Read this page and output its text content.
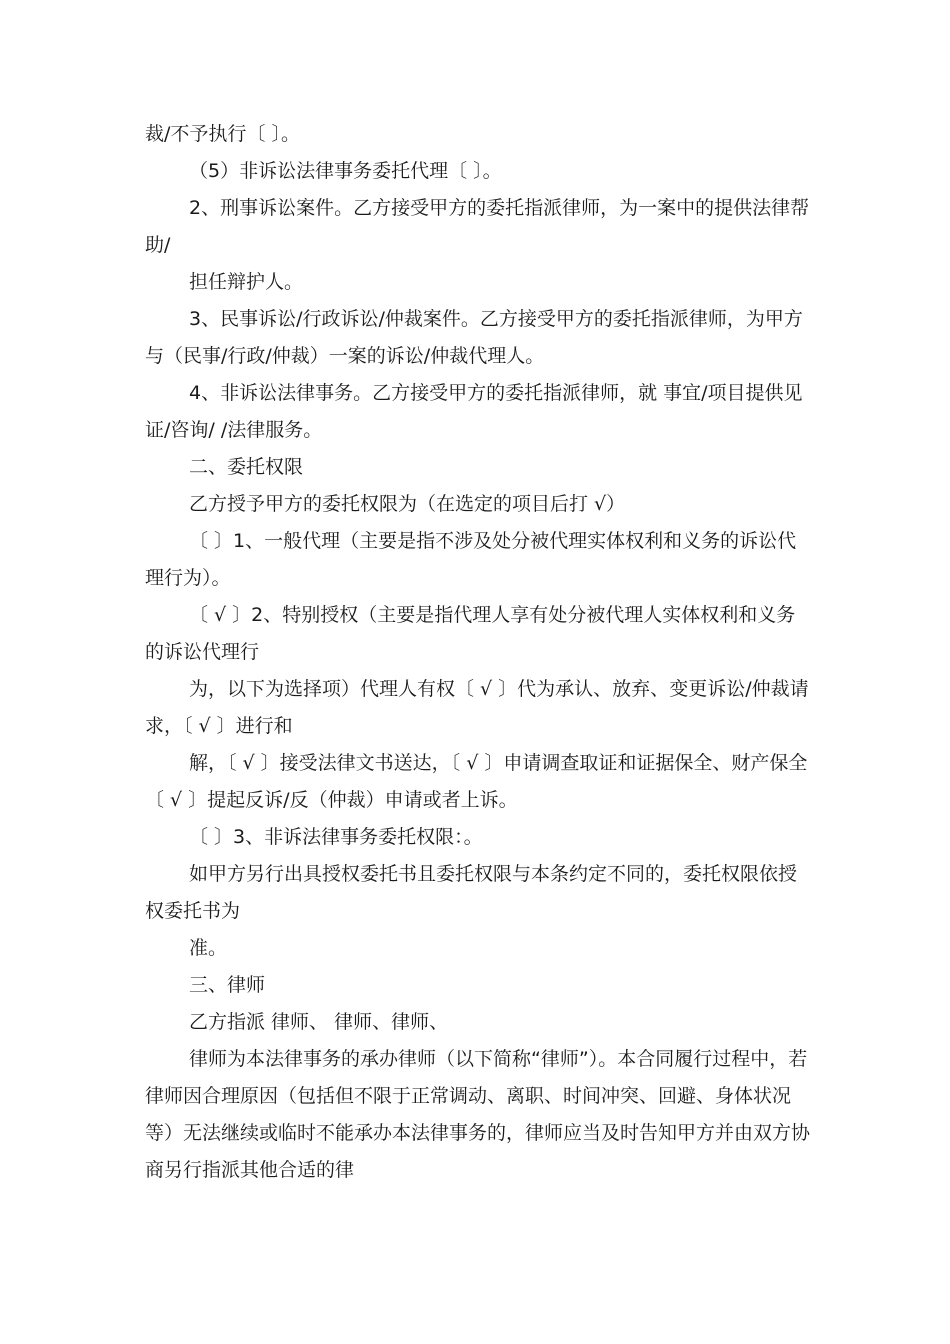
裁/不予执行〔 〕。

（5）非诉讼法律事务委托代理〔 〕。

2、刑事诉讼案件。乙方接受甲方的委托指派律师，为一案中的提供法律帮助/

担任辩护人。

3、民事诉讼/行政诉讼/仲裁案件。乙方接受甲方的委托指派律师，为甲方与（民事/行政/仲裁）一案的诉讼/仲裁代理人。

4、非诉讼法律事务。乙方接受甲方的委托指派律师，就 事宜/项目提供见证/咨询/ /法律服务。

二、委托权限

乙方授予甲方的委托权限为（在选定的项目后打 √）

〔 〕1、一般代理（主要是指不涉及处分被代理实体权利和义务的诉讼代理行为）。

〔 √ 〕2、特别授权（主要是指代理人享有处分被代理人实体权利和义务的诉讼代理行

为，以下为选择项）代理人有权〔 √ 〕代为承认、放弃、变更诉讼/仲裁请求，〔 √ 〕进行和

解，〔 √ 〕接受法律文书送达，〔 √ 〕申请调查取证和证据保全、财产保全〔 √ 〕提起反诉/反（仲裁）申请或者上诉。

〔 〕3、非诉法律事务委托权限：。

如甲方另行出具授权委托书且委托权限与本条约定不同的，委托权限依授权委托书为

准。

三、律师

乙方指派 律师、 律师、律师、

律师为本法律事务的承办律师（以下简称“律师”）。本合同履行过程中，若律师因合理原因（包括但不限于正常调动、离职、时间冲突、回避、身体状况等）无法继续或临时不能承办本法律事务的，律师应当及时告知甲方并由双方协商另行指派其他合适的律
